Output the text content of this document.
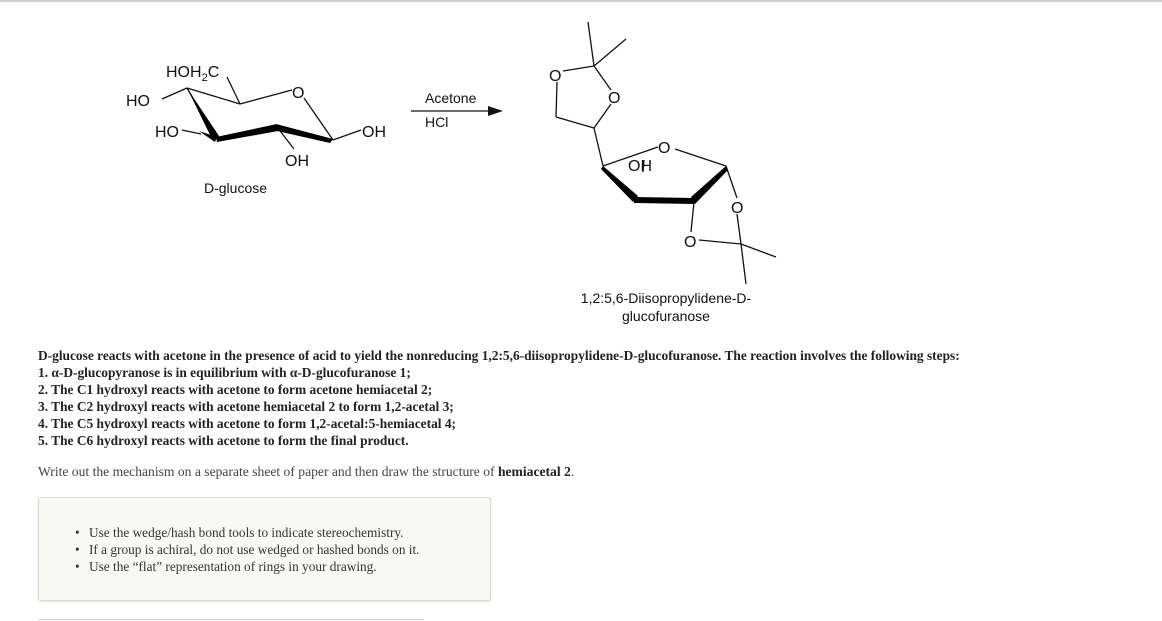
$HOH_2C$
O
HO
HO	OH
OH
D-glucose
Acetone
HCl
O
O
O
OH
O
O
1,2:5,6-Diisopropylidene-D-
glucofuranose
D-glucose reacts with acetone in the presence of acid to yield the nonreducing 1,2:5,6-diisopropylidene-D-glucofuranose. The reaction involves the following steps:
1. α-D-glucopyranose is in equilibrium with α-D-glucofuranose 1;
2. The C1 hydroxyl reacts with acetone to form acetone hemiacetal 2;
3. The C2 hydroxyl reacts with acetone hemiacetal 2 to form 1,2-acetal 3;
4. The C5 hydroxyl reacts with acetone to form 1,2-acetal:5-hemiacetal 4;
5. The C6 hydroxyl reacts with acetone to form the final product.
Write out the mechanism on a separate sheet of paper and then draw the structure of hemiacetal 2.
• Use the wedge/hash bond tools to indicate stereochemistry.
• If a group is achiral, do not use wedged or hashed bonds on it.
• Use the “flat” representation of rings in your drawing.
